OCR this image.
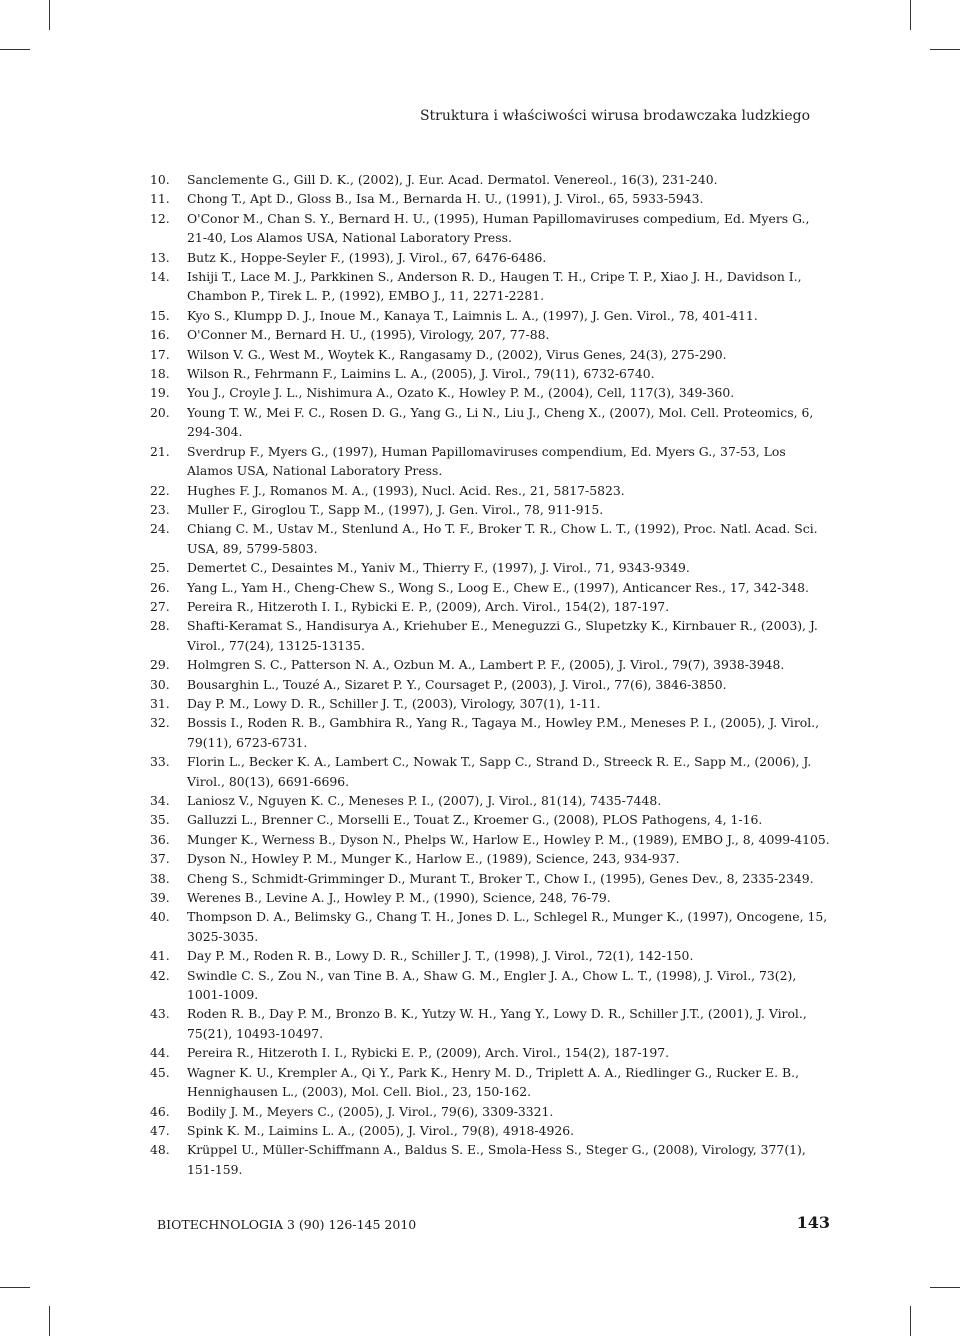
Struktura i właściwości wirusa brodawczaka ludzkiego
10. Sanclemente G., Gill D. K., (2002), J. Eur. Acad. Dermatol. Venereol., 16(3), 231-240.
11. Chong T., Apt D., Gloss B., Isa M., Bernarda H. U., (1991), J. Virol., 65, 5933-5943.
12. O'Conor M., Chan S. Y., Bernard H. U., (1995), Human Papillomaviruses compedium, Ed. Myers G., 21-40, Los Alamos USA, National Laboratory Press.
13. Butz K., Hoppe-Seyler F., (1993), J. Virol., 67, 6476-6486.
14. Ishiji T., Lace M. J., Parkkinen S., Anderson R. D., Haugen T. H., Cripe T. P., Xiao J. H., Davidson I., Chambon P., Tirek L. P., (1992), EMBO J., 11, 2271-2281.
15. Kyo S., Klumpp D. J., Inoue M., Kanaya T., Laimnis L. A., (1997), J. Gen. Virol., 78, 401-411.
16. O'Conner M., Bernard H. U., (1995), Virology, 207, 77-88.
17. Wilson V. G., West M., Woytek K., Rangasamy D., (2002), Virus Genes, 24(3), 275-290.
18. Wilson R., Fehrmann F., Laimins L. A., (2005), J. Virol., 79(11), 6732-6740.
19. You J., Croyle J. L., Nishimura A., Ozato K., Howley P. M., (2004), Cell, 117(3), 349-360.
20. Young T. W., Mei F. C., Rosen D. G., Yang G., Li N., Liu J., Cheng X., (2007), Mol. Cell. Proteomics, 6, 294-304.
21. Sverdrup F., Myers G., (1997), Human Papillomaviruses compendium, Ed. Myers G., 37-53, Los Alamos USA, National Laboratory Press.
22. Hughes F. J., Romanos M. A., (1993), Nucl. Acid. Res., 21, 5817-5823.
23. Muller F., Giroglou T., Sapp M., (1997), J. Gen. Virol., 78, 911-915.
24. Chiang C. M., Ustav M., Stenlund A., Ho T. F., Broker T. R., Chow L. T., (1992), Proc. Natl. Acad. Sci. USA, 89, 5799-5803.
25. Demertet C., Desaintes M., Yaniv M., Thierry F., (1997), J. Virol., 71, 9343-9349.
26. Yang L., Yam H., Cheng-Chew S., Wong S., Loog E., Chew E., (1997), Anticancer Res., 17, 342-348.
27. Pereira R., Hitzeroth I. I., Rybicki E. P., (2009), Arch. Virol., 154(2), 187-197.
28. Shafti-Keramat S., Handisurya A., Kriehuber E., Meneguzzi G., Slupetzky K., Kirnbauer R., (2003), J. Virol., 77(24), 13125-13135.
29. Holmgren S. C., Patterson N. A., Ozbun M. A., Lambert P. F., (2005), J. Virol., 79(7), 3938-3948.
30. Bousarghin L., Touzé A., Sizaret P. Y., Coursaget P., (2003), J. Virol., 77(6), 3846-3850.
31. Day P. M., Lowy D. R., Schiller J. T., (2003), Virology, 307(1), 1-11.
32. Bossis I., Roden R. B., Gambhira R., Yang R., Tagaya M., Howley P.M., Meneses P. I., (2005), J. Virol., 79(11), 6723-6731.
33. Florin L., Becker K. A., Lambert C., Nowak T., Sapp C., Strand D., Streeck R. E., Sapp M., (2006), J. Virol., 80(13), 6691-6696.
34. Laniosz V., Nguyen K. C., Meneses P. I., (2007), J. Virol., 81(14), 7435-7448.
35. Galluzzi L., Brenner C., Morselli E., Touat Z., Kroemer G., (2008), PLOS Pathogens, 4, 1-16.
36. Munger K., Werness B., Dyson N., Phelps W., Harlow E., Howley P. M., (1989), EMBO J., 8, 4099-4105.
37. Dyson N., Howley P. M., Munger K., Harlow E., (1989), Science, 243, 934-937.
38. Cheng S., Schmidt-Grimminger D., Murant T., Broker T., Chow I., (1995), Genes Dev., 8, 2335-2349.
39. Werenes B., Levine A. J., Howley P. M., (1990), Science, 248, 76-79.
40. Thompson D. A., Belimsky G., Chang T. H., Jones D. L., Schlegel R., Munger K., (1997), Oncogene, 15, 3025-3035.
41. Day P. M., Roden R. B., Lowy D. R., Schiller J. T., (1998), J. Virol., 72(1), 142-150.
42. Swindle C. S., Zou N., van Tine B. A., Shaw G. M., Engler J. A., Chow L. T., (1998), J. Virol., 73(2), 1001-1009.
43. Roden R. B., Day P. M., Bronzo B. K., Yutzy W. H., Yang Y., Lowy D. R., Schiller J.T., (2001), J. Virol., 75(21), 10493-10497.
44. Pereira R., Hitzeroth I. I., Rybicki E. P., (2009), Arch. Virol., 154(2), 187-197.
45. Wagner K. U., Krempler A., Qi Y., Park K., Henry M. D., Triplett A. A., Riedlinger G., Rucker E. B., Hennighausen L., (2003), Mol. Cell. Biol., 23, 150-162.
46. Bodily J. M., Meyers C., (2005), J. Virol., 79(6), 3309-3321.
47. Spink K. M., Laimins L. A., (2005), J. Virol., 79(8), 4918-4926.
48. Krüppel U., Müller-Schiffmann A., Baldus S. E., Smola-Hess S., Steger G., (2008), Virology, 377(1), 151-159.
BIOTECHNOLOGIA 3 (90) 126-145 2010	143
